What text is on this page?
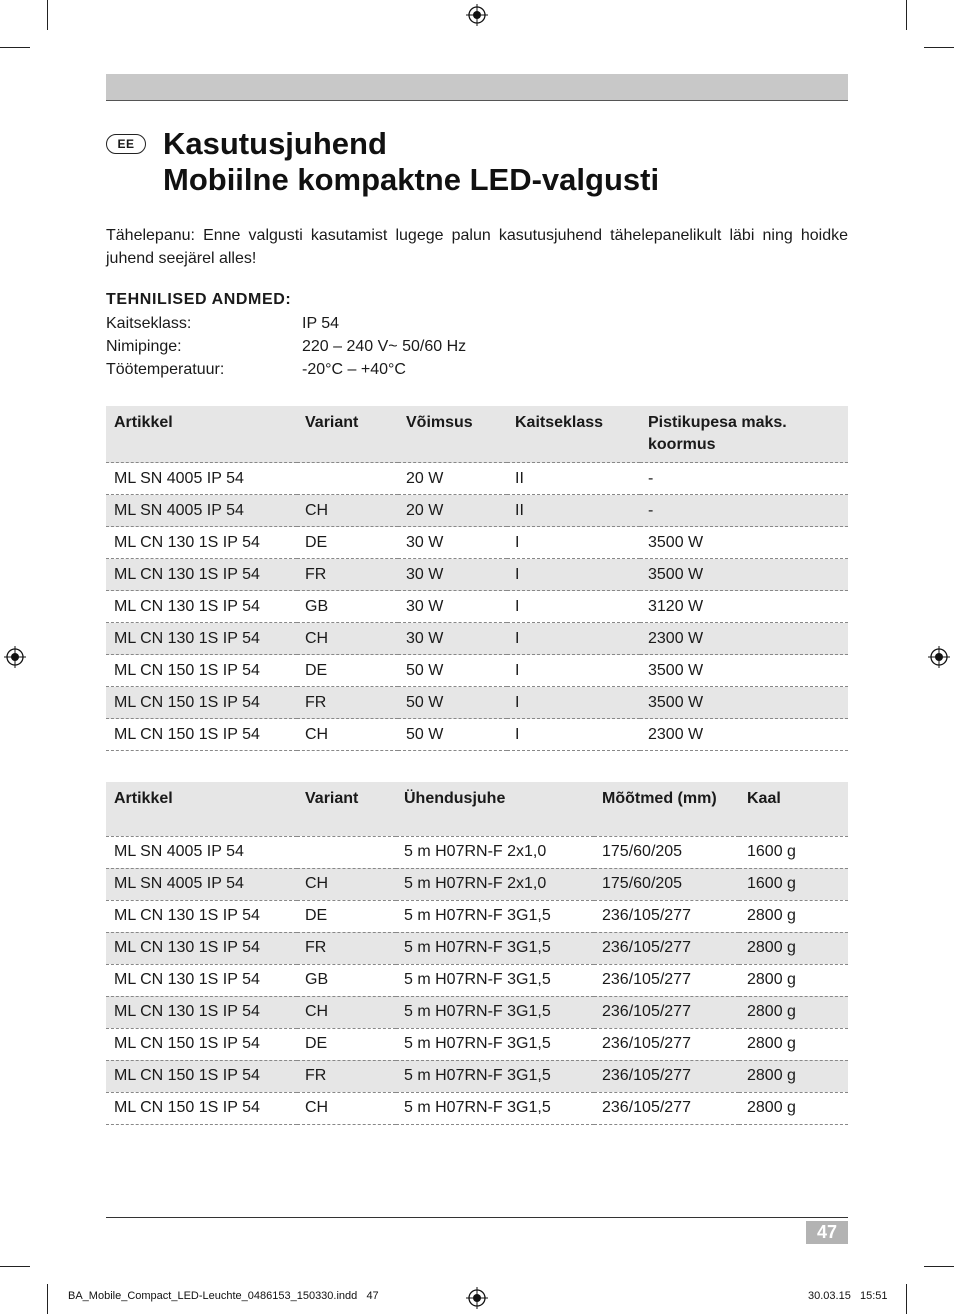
EE Kasutusjuhend
Mobiilne kompaktne LED-valgusti
Tähelepanu: Enne valgusti kasutamist lugege palun kasutusjuhend tähelepanelikult läbi ning hoidke juhend seejärel alles!
TEHNILISED ANDMED:
Kaitseklass:	IP 54
Nimipinge:	220 – 240 V~ 50/60 Hz
Töötemperatuur:	-20°C – +40°C
Artikkel	Variant	Võimsus	Kaitseklass	Pistikupesa maks. koormus
ML SN 4005 IP 54		20 W	II	-
ML SN 4005 IP 54	CH	20 W	II	-
ML CN 130 1S IP 54	DE	30 W	I	3500 W
ML CN 130 1S IP 54	FR	30 W	I	3500 W
ML CN 130 1S IP 54	GB	30 W	I	3120 W
ML CN 130 1S IP 54	CH	30 W	I	2300 W
ML CN 150 1S IP 54	DE	50 W	I	3500 W
ML CN 150 1S IP 54	FR	50 W	I	3500 W
ML CN 150 1S IP 54	CH	50 W	I	2300 W
Artikkel	Variant	Ühendusjuhe	Mõõtmed (mm)	Kaal
ML SN 4005 IP 54		5 m H07RN-F 2x1,0	175/60/205	1600 g
ML SN 4005 IP 54	CH	5 m H07RN-F 2x1,0	175/60/205	1600 g
ML CN 130 1S IP 54	DE	5 m H07RN-F 3G1,5	236/105/277	2800 g
ML CN 130 1S IP 54	FR	5 m H07RN-F 3G1,5	236/105/277	2800 g
ML CN 130 1S IP 54	GB	5 m H07RN-F 3G1,5	236/105/277	2800 g
ML CN 130 1S IP 54	CH	5 m H07RN-F 3G1,5	236/105/277	2800 g
ML CN 150 1S IP 54	DE	5 m H07RN-F 3G1,5	236/105/277	2800 g
ML CN 150 1S IP 54	FR	5 m H07RN-F 3G1,5	236/105/277	2800 g
ML CN 150 1S IP 54	CH	5 m H07RN-F 3G1,5	236/105/277	2800 g
47
BA_Mobile_Compact_LED-Leuchte_0486153_150330.indd   47	30.03.15   15:51
